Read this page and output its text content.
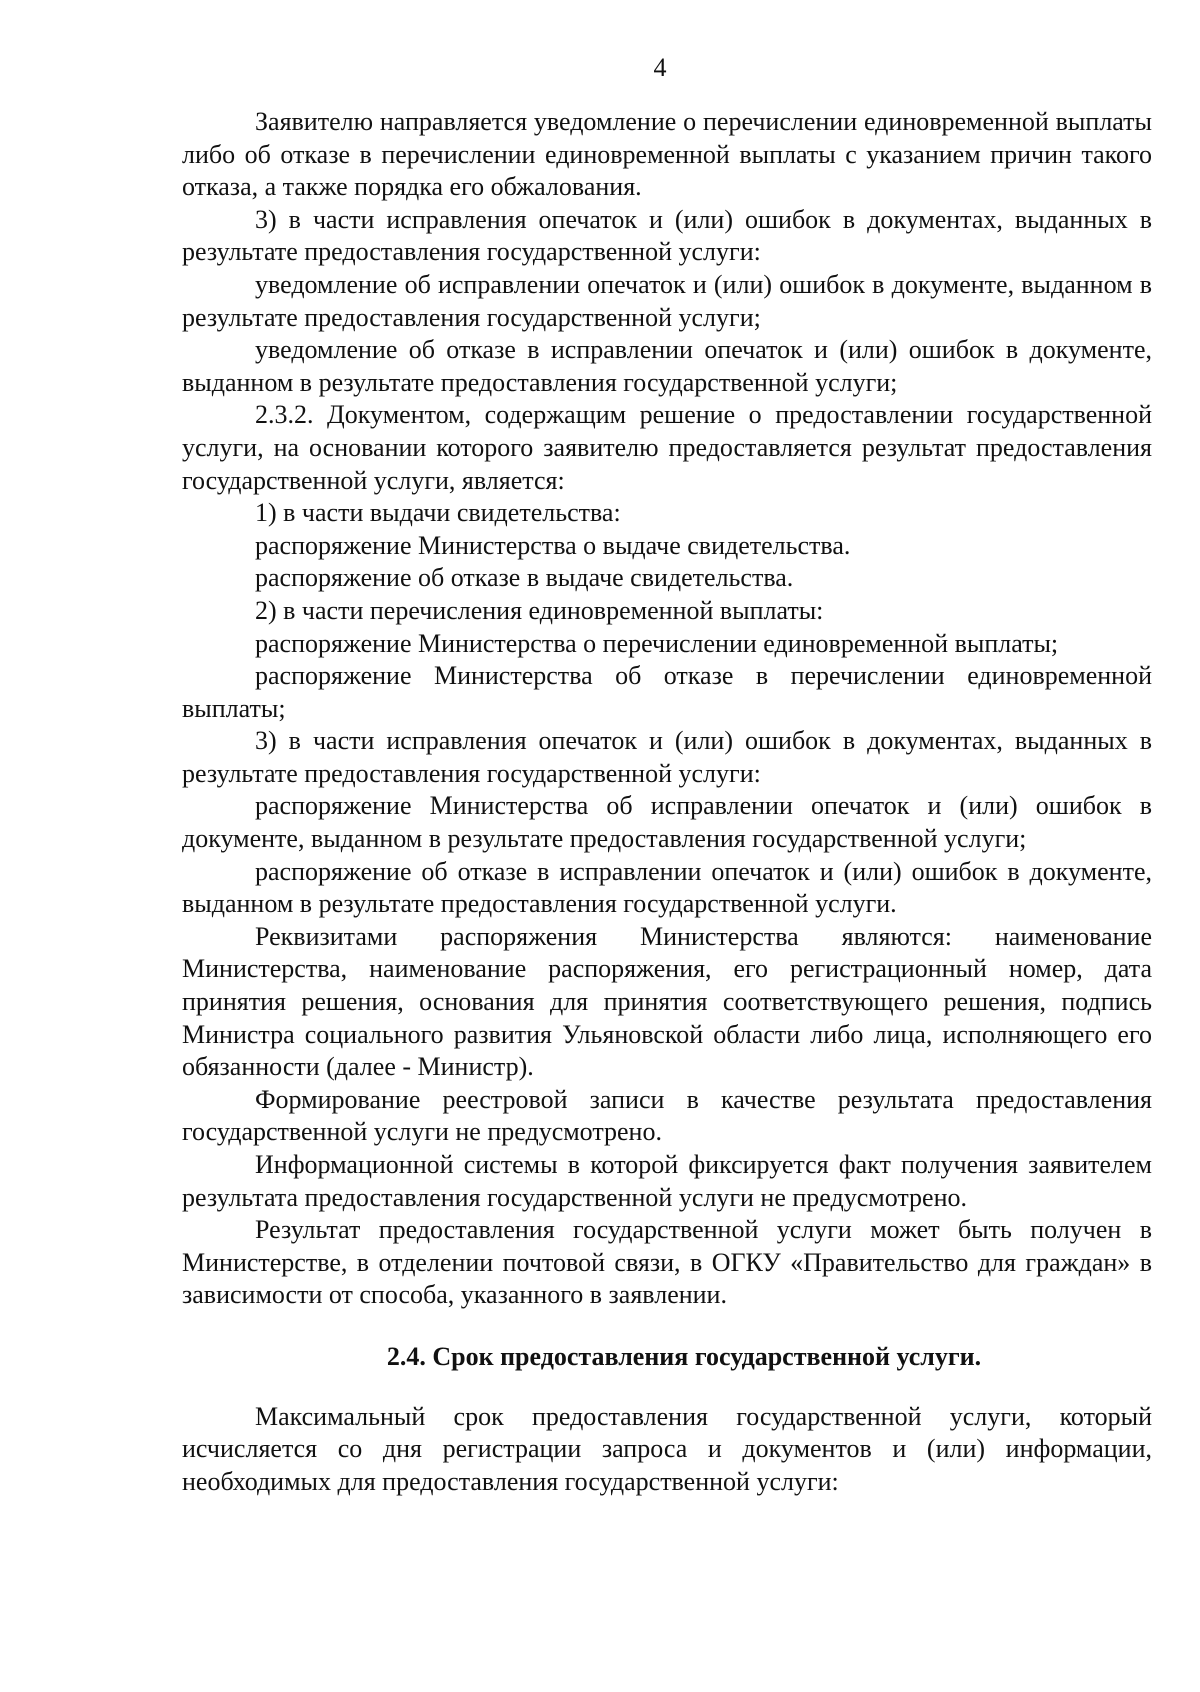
4

Заявителю направляется уведомление о перечислении единовременной выплаты либо об отказе в перечислении единовременной выплаты с указанием причин такого отказа, а также порядка его обжалования.

3) в части исправления опечаток и (или) ошибок в документах, выданных в результате предоставления государственной услуги:

уведомление об исправлении опечаток и (или) ошибок в документе, выданном в результате предоставления государственной услуги;

уведомление об отказе в исправлении опечаток и (или) ошибок в документе, выданном в результате предоставления государственной услуги;

2.3.2. Документом, содержащим решение о предоставлении государственной услуги, на основании которого заявителю предоставляется результат предоставления государственной услуги, является:

1) в части выдачи свидетельства:

распоряжение Министерства о выдаче свидетельства.

распоряжение об отказе в выдаче свидетельства.

2) в части перечисления единовременной выплаты:

распоряжение Министерства о перечислении единовременной выплаты;

распоряжение Министерства об отказе в перечислении единовременной выплаты;

3) в части исправления опечаток и (или) ошибок в документах, выданных в результате предоставления государственной услуги:

распоряжение Министерства об исправлении опечаток и (или) ошибок в документе, выданном в результате предоставления государственной услуги;

распоряжение об отказе в исправлении опечаток и (или) ошибок в документе, выданном в результате предоставления государственной услуги.

Реквизитами распоряжения Министерства являются: наименование Министерства, наименование распоряжения, его регистрационный номер, дата принятия решения, основания для принятия соответствующего решения, подпись Министра социального развития Ульяновской области либо лица, исполняющего его обязанности (далее - Министр).

Формирование реестровой записи в качестве результата предоставления государственной услуги не предусмотрено.

Информационной системы в которой фиксируется факт получения заявителем результата предоставления государственной услуги не предусмотрено.

Результат предоставления государственной услуги может быть получен в Министерстве, в отделении почтовой связи, в ОГКУ «Правительство для граждан» в зависимости от способа, указанного в заявлении.

2.4. Срок предоставления государственной услуги.

Максимальный срок предоставления государственной услуги, который исчисляется со дня регистрации запроса и документов и (или) информации, необходимых для предоставления государственной услуги:
